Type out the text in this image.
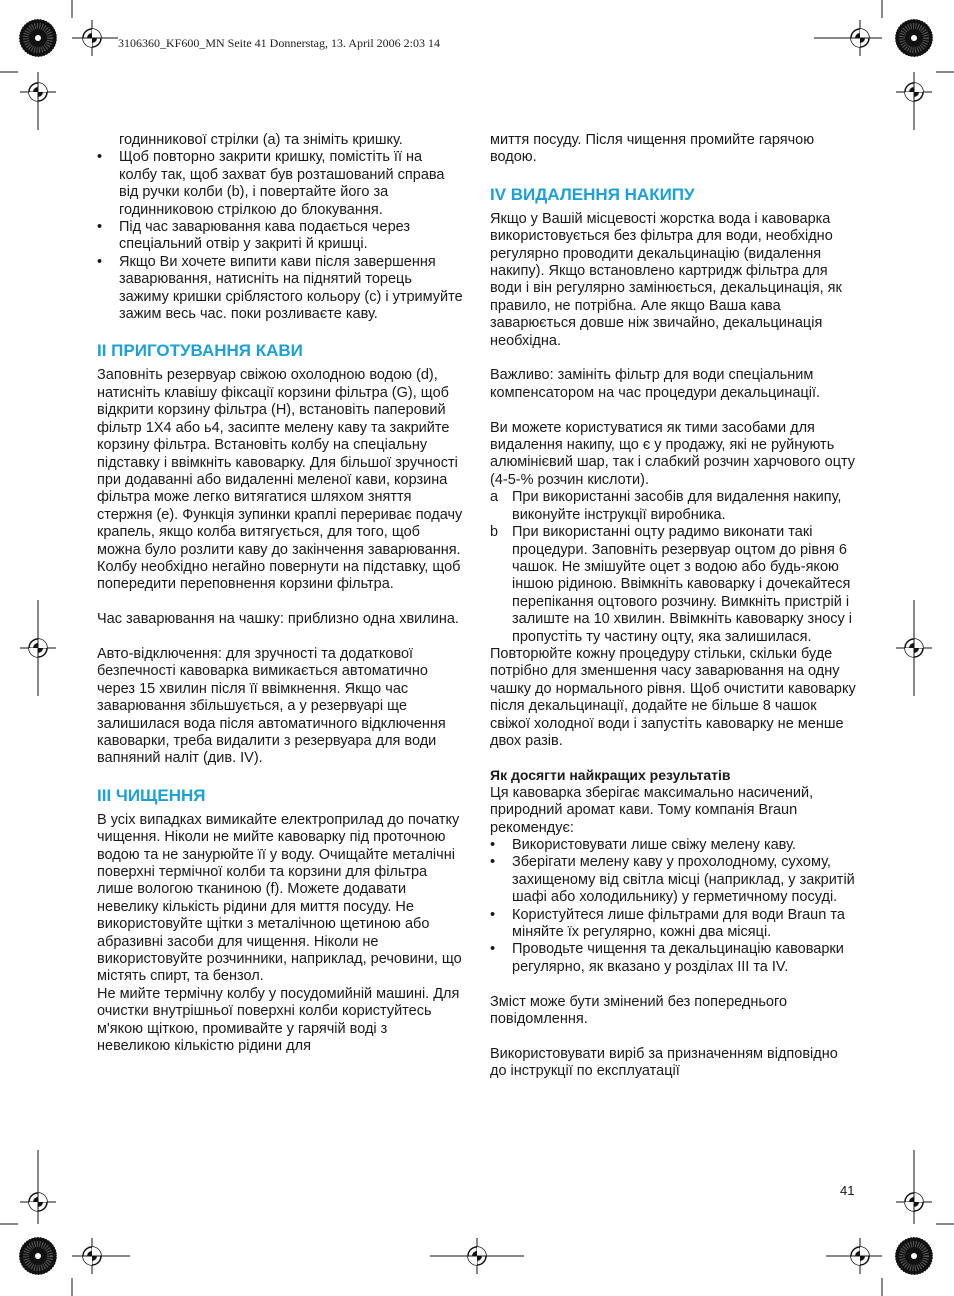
3106360_KF600_MN Seite 41 Donnerstag, 13. April 2006 2:03 14

годинникової стрілки (a) та зніміть кришку.

• Щоб повторно закрити кришку, помістіть її на колбу так, щоб захват був розташований справа від ручки колби (b), і повертайте його за годинниковою стрілкою до блокування.
• Під час заварювання кава подається через спеціальний отвір у закриті й кришці.
• Якщо Ви хочете випити кави після завершення заварювання, натисніть на піднятий торець зажиму кришки сріблястого кольору (c) і утримуйте зажим весь час. поки розливаєте каву.
II ПРИГОТУВАННЯ КАВИ

Заповніть резервуар свіжою охолодною водою (d), натисніть клавішу фіксації корзини фільтра (G), щоб відкрити корзину фільтра (H), встановіть паперовий фільтр 1Х4 або ь4, засипте мелену каву та закрийте корзину фільтра. Встановіть колбу на спеціальну підставку і ввімкніть кавоварку. Для більшої зручності при додаванні або видаленні меленої кави, корзина фільтра може легко витягатися шляхом зняття стержня (e). Функція зупинки краплі перериває подачу крапель, якщо колба витягується, для того, щоб можна було розлити каву до закінчення заварювання. Колбу необхідно негайно повернути на підставку, щоб попередити переповнення корзини фільтра.

Час заварювання на чашку: приблизно одна хвилина.

Авто-відключення: для зручності та додаткової безпечності кавоварка вимикається автоматично через 15 хвилин після її ввімкнення. Якщо час заварювання збільшується, а у резервуарі ще залишилася вода після автоматичного відключення кавоварки, треба видалити з резервуара для води вапняний наліт (див. IV).

III ЧИЩЕННЯ

В усіх випадках вимикайте електроприлад до початку чищення. Ніколи не мийте кавоварку під проточною водою та не занурюйте її у воду. Очищайте металічні поверхні термічної колби та корзини для фільтра лише вологою тканиною (f). Можете додавати невелику кількість рідини для миття посуду. Не використовуйте щітки з металічною щетиною або абразивні засоби для чищення. Ніколи не використовуйте розчинники, наприклад, речовини, що містять спирт, та бензол.

Не мийте термічну колбу у посудомийній машині. Для очистки внутрішньої поверхні колби користуйтесь м'якою щіткою, промивайте у гарячій воді з невеликою кількістю рідини для

миття посуду. Після чищення промийте гарячою водою.

IV ВИДАЛЕННЯ НАКИПУ

Якщо у Вашій місцевості жорстка вода і кавоварка використовується без фільтра для води, необхідно регулярно проводити декальцинацію (видалення накипу). Якщо встановлено картридж фільтра для води і він регулярно замінюється, декальцинація, як правило, не потрібна. Але якщо Ваша кава заварюється довше ніж звичайно, декальцинація необхідна.

Важливо: замініть фільтр для води спеціальним компенсатором на час процедури декальцинації.

Ви можете користуватися як тими засобами для видалення накипу, що є у продажу, які не руйнують алюмінієвий шар, так і слабкий розчин харчового оцту (4-5-% розчин кислоти).

a При використанні засобів для видалення накипу, виконуйте інструкції виробника.
b При використанні оцту радимо виконати такі процедури. Заповніть резервуар оцтом до рівня 6 чашок. Не змішуйте оцет з водою або будь-якою іншою рідиною. Ввімкніть кавоварку і дочекайтеся перепікання оцтового розчину. Вимкніть пристрій і залиште на 10 хвилин. Ввімкніть кавоварку зносу і пропустіть ту частину оцту, яка залишилася.

Повторюйте кожну процедуру стільки, скільки буде потрібно для зменшення часу заварювання на одну чашку до нормального рівня. Щоб очистити кавоварку після декальцинації, додайте не більше 8 чашок свіжої холодної води і запустіть кавоварку не менше двох разів.

Як досягти найкращих результатів

Ця кавоварка зберігає максимально насичений, природний аромат кави. Тому компанія Braun рекомендує:

• Використовувати лише свіжу мелену каву.
• Зберігати мелену каву у прохолодному, сухому, захищеному від світла місці (наприклад, у закритій шафі або холодильнику) у герметичному посуді.
• Користуйтеся лише фільтрами для води Braun та міняйте їх регулярно, кожні два місяці.
• Проводьте чищення та декальцинацію кавоварки регулярно, як вказано у розділах III та IV.

Зміст може бути змінений без попереднього повідомлення.

Використовувати виріб за призначенням відповідно до інструкції по експлуатації

41
